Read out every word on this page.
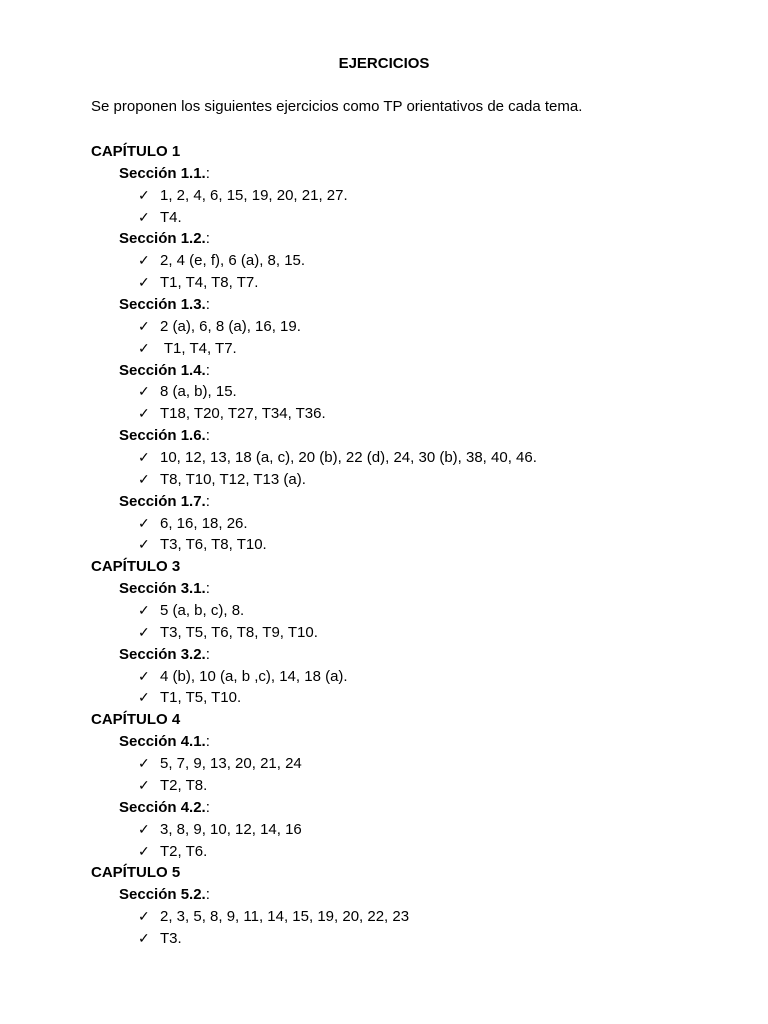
EJERCICIOS
Se proponen los siguientes ejercicios como TP orientativos de cada tema.
CAPÍTULO 1
Sección 1.1.:
✓ 1, 2, 4, 6, 15, 19, 20, 21, 27.
✓ T4.
Sección 1.2.:
✓ 2, 4 (e, f), 6 (a), 8, 15.
✓ T1, T4, T8, T7.
Sección 1.3.:
✓ 2 (a), 6, 8 (a), 16, 19.
✓ T1, T4, T7.
Sección 1.4.:
✓ 8 (a, b), 15.
✓ T18, T20, T27, T34, T36.
Sección 1.6.:
✓ 10, 12, 13, 18 (a, c), 20 (b), 22 (d), 24, 30 (b), 38, 40, 46.
✓ T8, T10, T12, T13 (a).
Sección 1.7.:
✓ 6, 16, 18, 26.
✓ T3, T6, T8, T10.
CAPÍTULO 3
Sección 3.1.:
✓ 5 (a, b, c), 8.
✓ T3, T5, T6, T8, T9, T10.
Sección 3.2.:
✓ 4 (b), 10 (a, b ,c), 14, 18 (a).
✓ T1, T5, T10.
CAPÍTULO 4
Sección 4.1.:
✓ 5, 7, 9, 13, 20, 21, 24
✓ T2, T8.
Sección 4.2.:
✓ 3, 8, 9, 10, 12, 14, 16
✓ T2, T6.
CAPÍTULO 5
Sección 5.2.:
✓ 2, 3, 5, 8, 9, 11, 14, 15, 19, 20, 22, 23
✓ T3.
